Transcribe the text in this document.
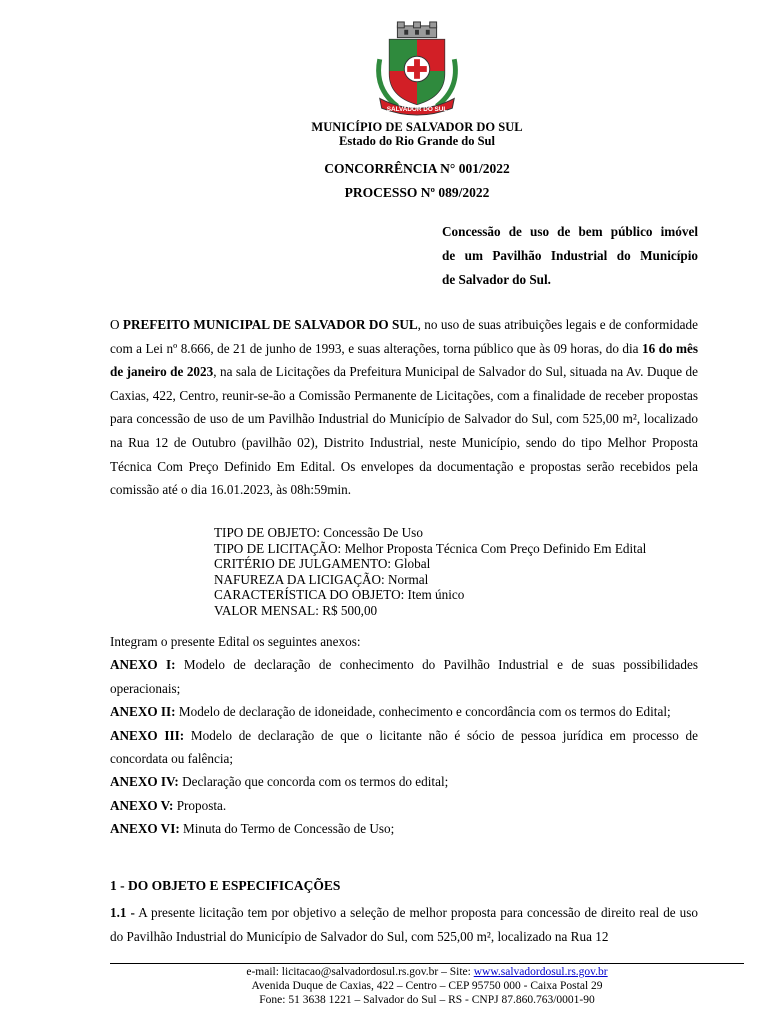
SALVADOR DO SUL
MUNICÍPIO DE SALVADOR DO SUL
Estado do Rio Grande do Sul
CONCORRÊNCIA N° 001/2022
PROCESSO Nº 089/2022
Concessão de uso de bem público imóvel
de um Pavilhão Industrial do Município
de Salvador do Sul.
O PREFEITO MUNICIPAL DE SALVADOR DO SUL, no uso de suas atribuições legais e de conformidade com a Lei nº 8.666, de 21 de junho de 1993, e suas alterações, torna público que às 09 horas, do dia 16 do mês de janeiro de 2023, na sala de Licitações da Prefeitura Municipal de Salvador do Sul, situada na Av. Duque de Caxias, 422, Centro, reunir-se-ão a Comissão Permanente de Licitações, com a finalidade de receber propostas para concessão de uso de um Pavilhão Industrial do Município de Salvador do Sul, com 525,00 m², localizado na Rua 12 de Outubro (pavilhão 02), Distrito Industrial, neste Município, sendo do tipo Melhor Proposta Técnica Com Preço Definido Em Edital. Os envelopes da documentação e propostas serão recebidos pela comissão até o dia 16.01.2023, às 08h:59min.
TIPO DE OBJETO: Concessão De Uso
TIPO DE LICITAÇÃO: Melhor Proposta Técnica Com Preço Definido Em Edital
CRITÉRIO DE JULGAMENTO: Global
NAFUREZA DA LICIGAÇÃO: Normal
CARACTERÍSTICA DO OBJETO: Item único
VALOR MENSAL: R$ 500,00

Integram o presente Edital os seguintes anexos:

ANEXO I: Modelo de declaração de conhecimento do Pavilhão Industrial e de suas possibilidades operacionais;

ANEXO II: Modelo de declaração de idoneidade, conhecimento e concordância com os termos do Edital;

ANEXO III: Modelo de declaração de que o licitante não é sócio de pessoa jurídica em processo de concordata ou falência;

ANEXO IV: Declaração que concorda com os termos do edital;

ANEXO V: Proposta.

ANEXO VI: Minuta do Termo de Concessão de Uso;

1 - DO OBJETO E ESPECIFICAÇÕES
1.1 - A presente licitação tem por objetivo a seleção de melhor proposta para concessão de direito real de uso do Pavilhão Industrial do Município de Salvador do Sul, com 525,00 m², localizado na Rua 12
e-mail: licitacao@salvadordosul.rs.gov.br – Site: www.salvadordosul.rs.gov.br
Avenida Duque de Caxias, 422 – Centro – CEP 95750 000 - Caixa Postal 29
Fone: 51 3638 1221 – Salvador do Sul – RS - CNPJ 87.860.763/0001-90
